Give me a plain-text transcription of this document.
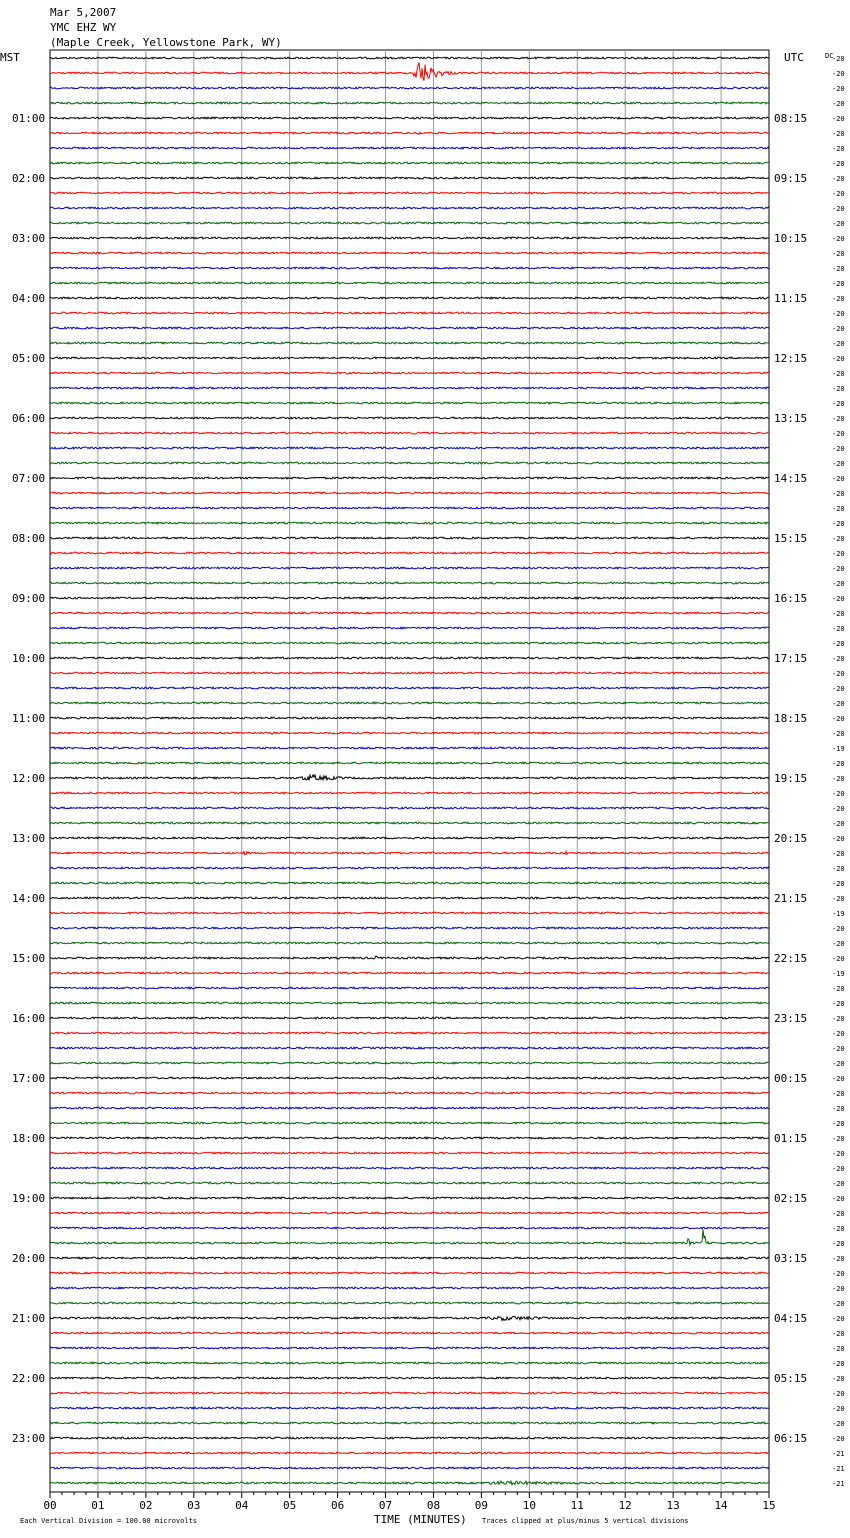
Mar 5,2007
YMC EHZ WY
(Maple Creek, Yellowstone Park, WY)
MST	UTC	DC
TIME (MINUTES)
Each Vertical Division = 100.00 microvolts	Traces clipped at plus/minus 5 vertical divisions
00	01	02	03	04	05	06	07	08	09	10	11	12	13	14	15
-20
-20
-20
-20
-20
-20
-20
-20
-20
-20
-20
-20
-20
-20
-20
-20
-20
-20
-20
-20
-20
-20
-20
-20
-20
-20
-20
-20
-20
-20
-20
-20
-20
-20
-20
-20
-20
-20
-20
-20
-20
-20
-20
-20
-20
-20
-19
-20
-20
-20
-20
-20
-20
-20
-20
-20
-20
-19
-20
-20
-20
-19
-20
-20
-20
-20
-20
-20
-20
-20
-20
-20
-20
-20
-20
-20
-20
-20
-20
-20
-20
-20
-20
-20
-20
-20
-20
-20
-20
-20
-20
-20
-20
-21
-21
-21
01:00
02:00
03:00
04:00
05:00
06:00
07:00
08:00
09:00
10:00
11:00
12:00
13:00
14:00
15:00
16:00
17:00
18:00
19:00
20:00
21:00
22:00
23:00
08:15
09:15
10:15
11:15
12:15
13:15
14:15
15:15
16:15
17:15
18:15
19:15
20:15
21:15
22:15
23:15
00:15
01:15
02:15
03:15
04:15
05:15
06:15
